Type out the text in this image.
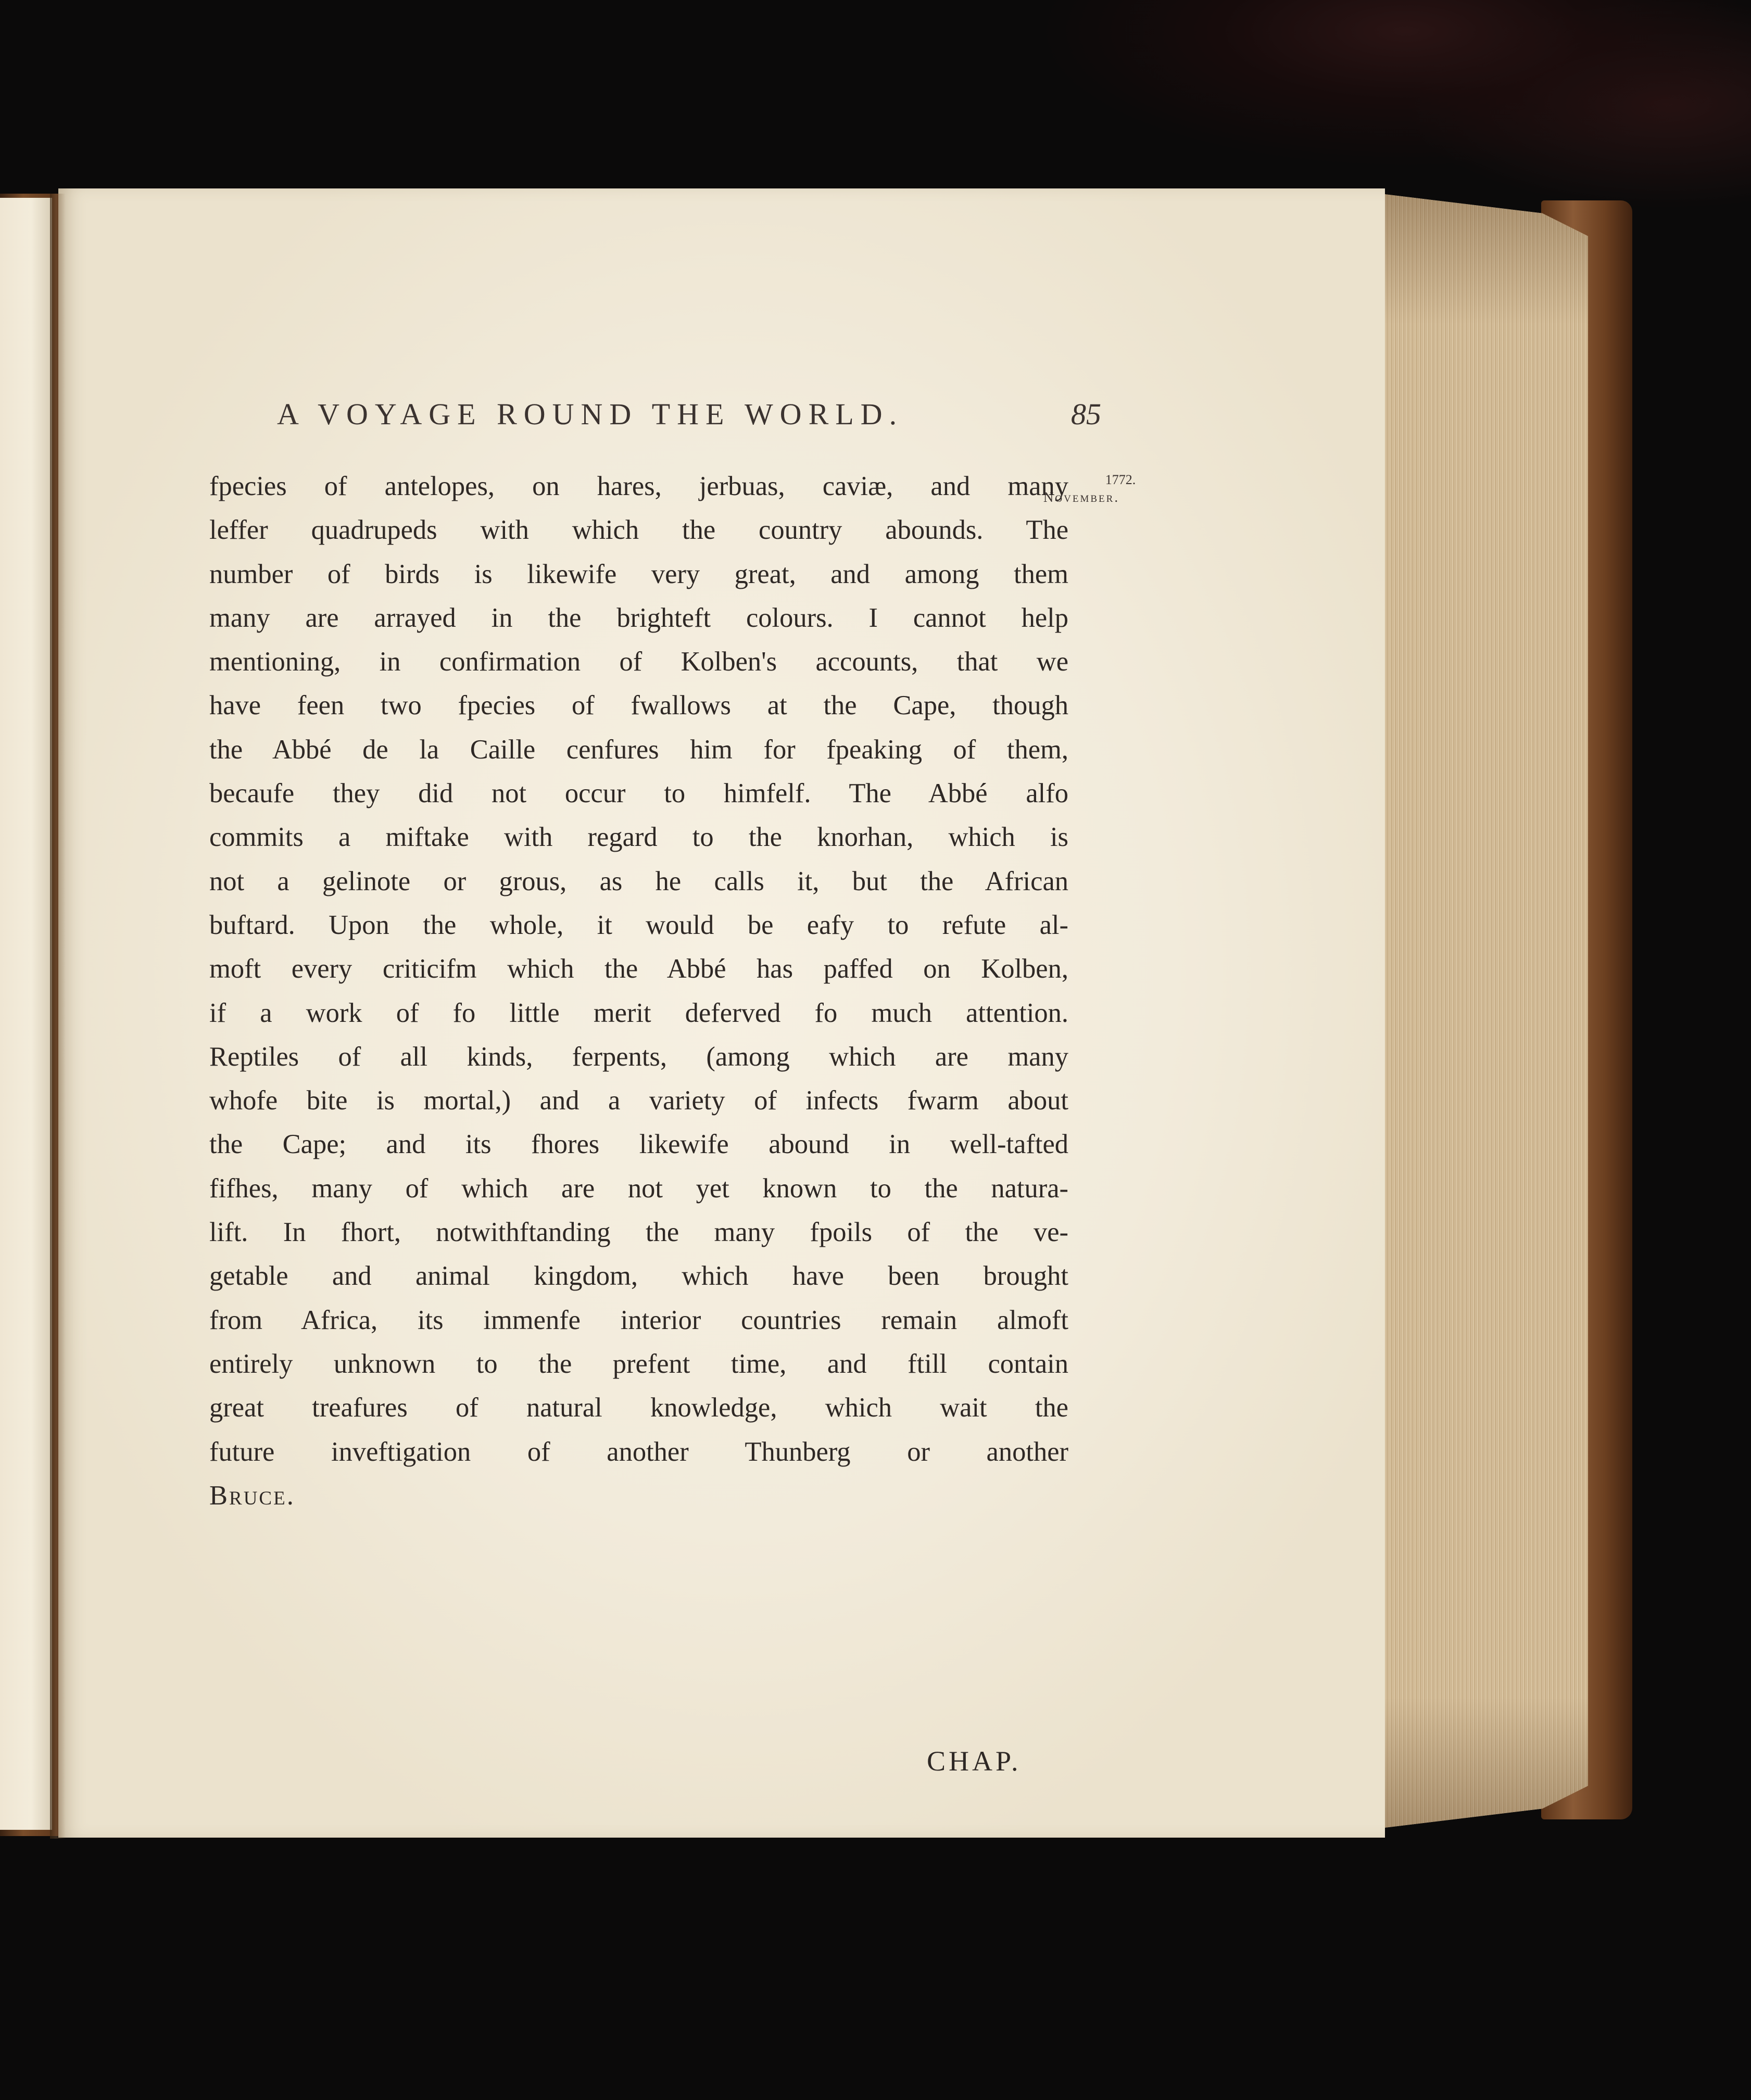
A VOYAGE ROUND THE WORLD.	85
1772.
November.
fpecies of antelopes, on hares, jerbuas, caviæ, and many
leffer quadrupeds with which the country abounds. The
number of birds is likewife very great, and among them
many are arrayed in the brighteft colours. I cannot help
mentioning, in confirmation of Kolben's accounts, that we
have feen two fpecies of fwallows at the Cape, though
the Abbé de la Caille cenfures him for fpeaking of them,
becaufe they did not occur to himfelf. The Abbé alfo
commits a miftake with regard to the knorhan, which is
not a gelinote or grous, as he calls it, but the African
buftard. Upon the whole, it would be eafy to refute al-
moft every criticifm which the Abbé has paffed on Kolben,
if a work of fo little merit deferved fo much attention.
Reptiles of all kinds, ferpents, (among which are many
whofe bite is mortal,) and a variety of infects fwarm about
the Cape; and its fhores likewife abound in well-tafted
fifhes, many of which are not yet known to the natura-
lift. In fhort, notwithftanding the many fpoils of the ve-
getable and animal kingdom, which have been brought
from Africa, its immenfe interior countries remain almoft
entirely unknown to the prefent time, and ftill contain
great treafures of natural knowledge, which wait the
future inveftigation of another Thunberg or another
Bruce.
CHAP.
